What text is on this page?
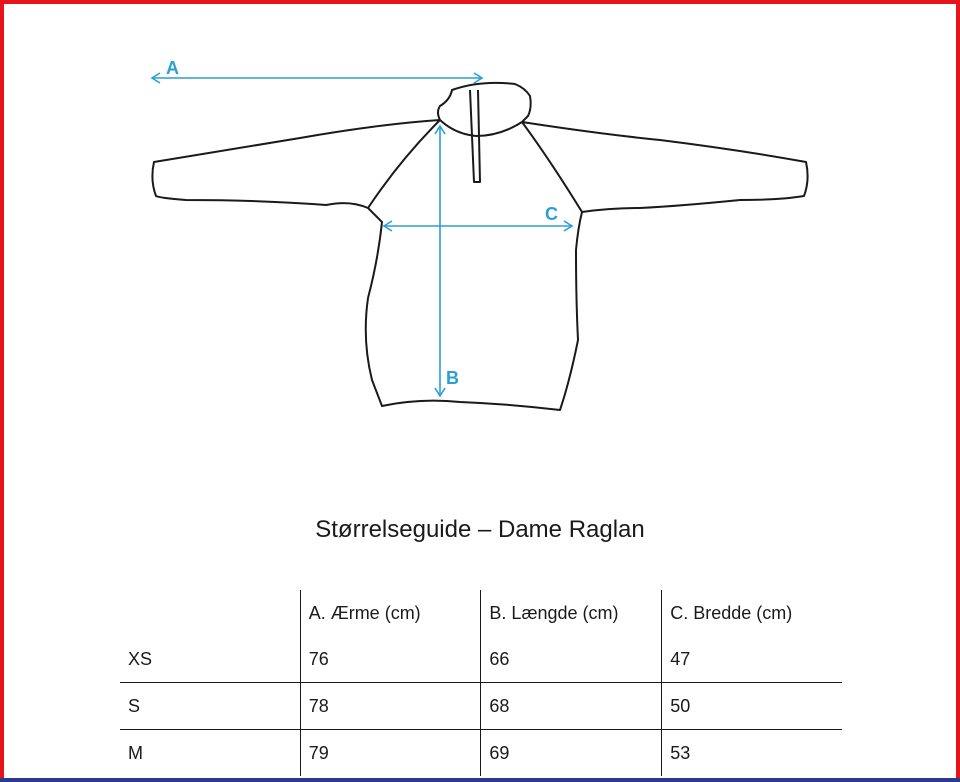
A
B
C
Størrelseguide – Dame Raglan
	A. Ærme (cm)	B. Længde (cm)	C. Bredde (cm)
XS	76	66	47
S	78	68	50
M	79	69	53
